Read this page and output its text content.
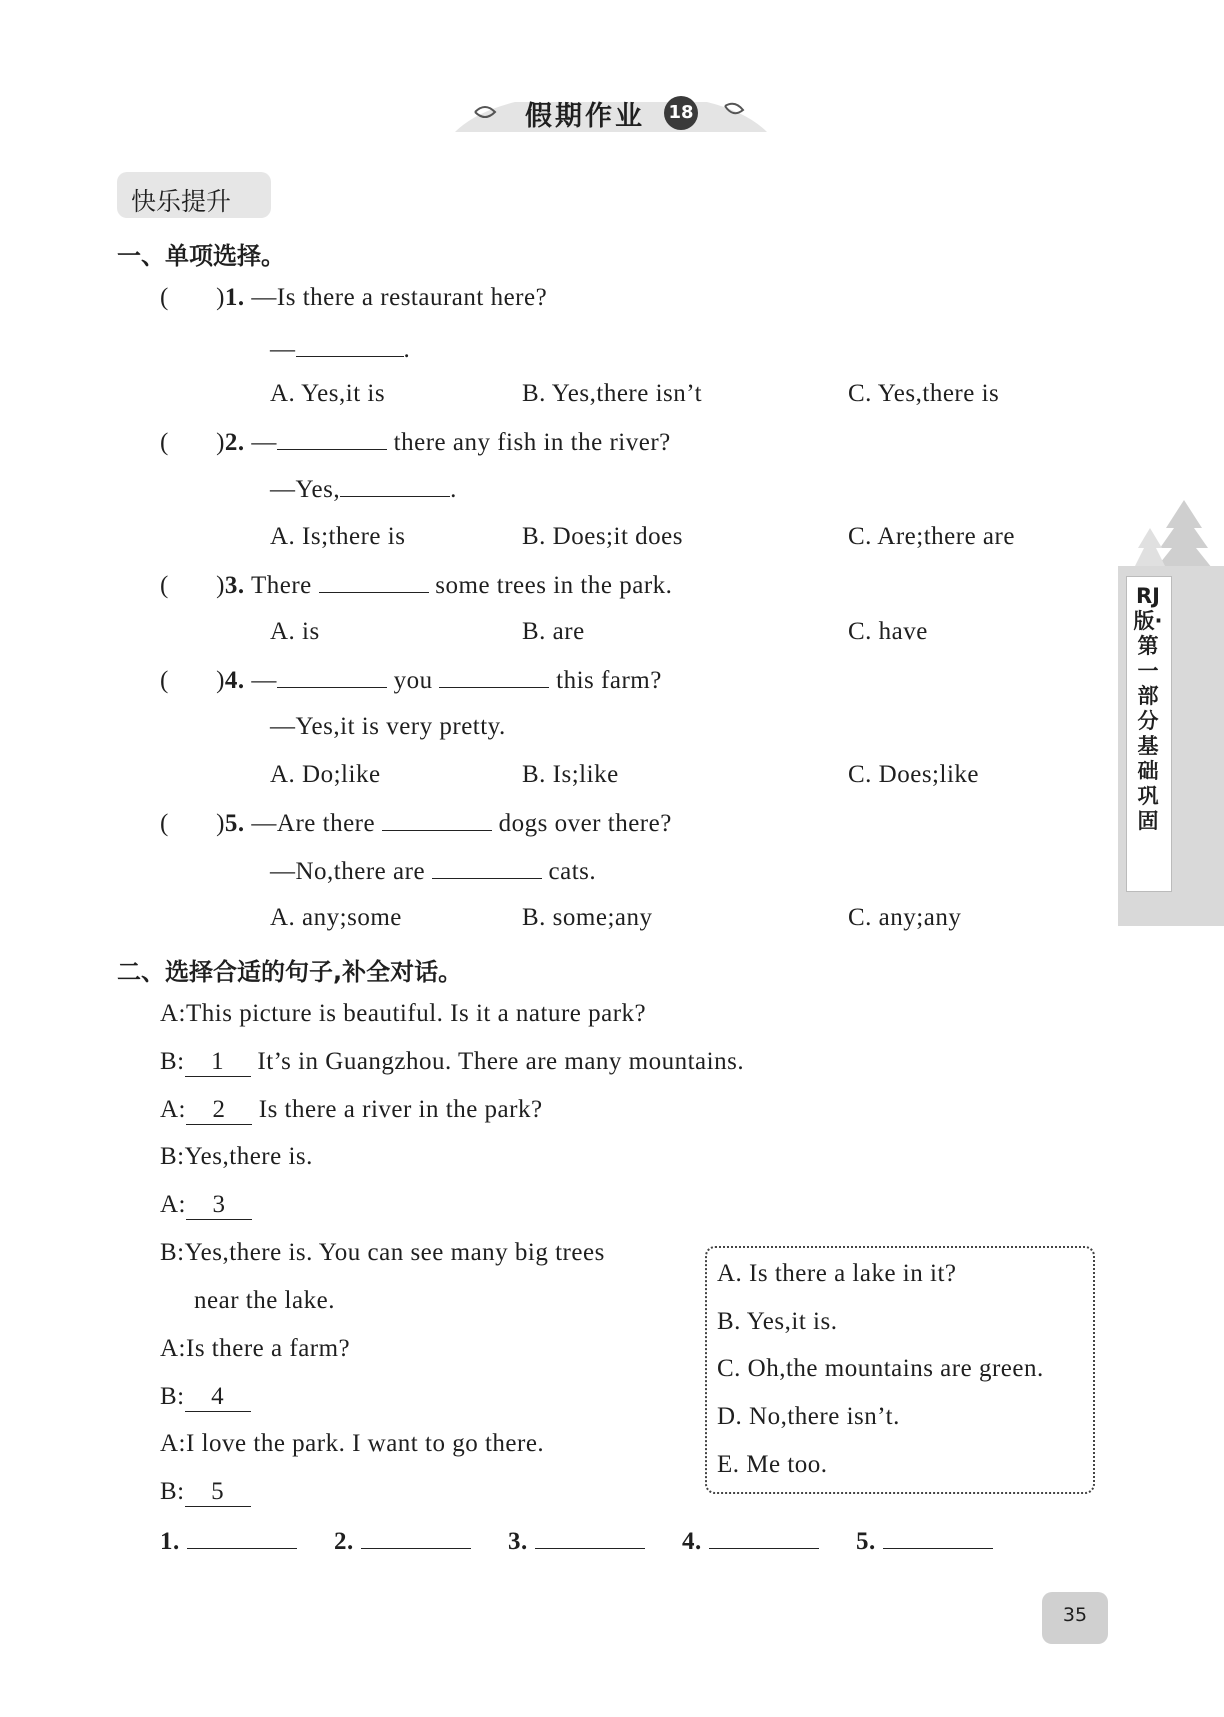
假期作业 18
快乐提升
一、单项选择。
(       )1. —Is there a restaurant here?
—	.
A. Yes,it is	B. Yes,there isn’t	C. Yes,there is
(       )2. —	there any fish in the river?
—Yes,	.
A. Is;there is	B. Does;it does	C. Are;there are
(       )3. There	some trees in the park.
A. is	B. are	C. have
(       )4. —	you	this farm?
—Yes,it is very pretty.
A. Do;like	B. Is;like	C. Does;like
(       )5. —Are there	dogs over there?
—No,there are	cats.
A. any;some	B. some;any	C. any;any
二、选择合适的句子,补全对话。
A:This picture is beautiful. Is it a nature park?
B: 1 It’s in Guangzhou. There are many mountains.
A: 2 Is there a river in the park?
B:Yes,there is.
A: 3
B:Yes,there is. You can see many big trees
near the lake.
A:Is there a farm?
B: 4
A:I love the park. I want to go there.
B: 5
A. Is there a lake in it?
B. Yes,it is.
C. Oh,the mountains are green.
D. No,there isn’t.
E. Me too.
1.	2.	3.	4.	5.
RJ版·第一部分 基础巩固
35
